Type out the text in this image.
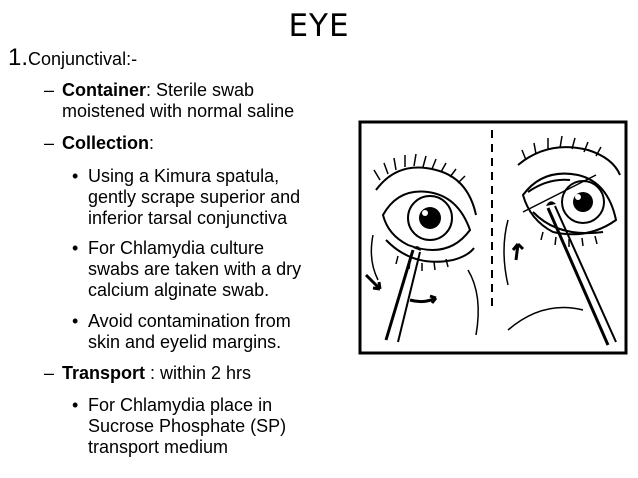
EYE
1.Conjunctival:-
– Container: Sterile swab
moistened with normal saline
– Collection:
• Using a Kimura spatula,
gently scrape superior and
inferior tarsal conjunctiva
• For Chlamydia culture
swabs are taken with a dry
calcium alginate swab.
• Avoid contamination from
skin and eyelid margins.
– Transport : within 2 hrs
• For Chlamydia place in
Sucrose Phosphate (SP)
transport medium
